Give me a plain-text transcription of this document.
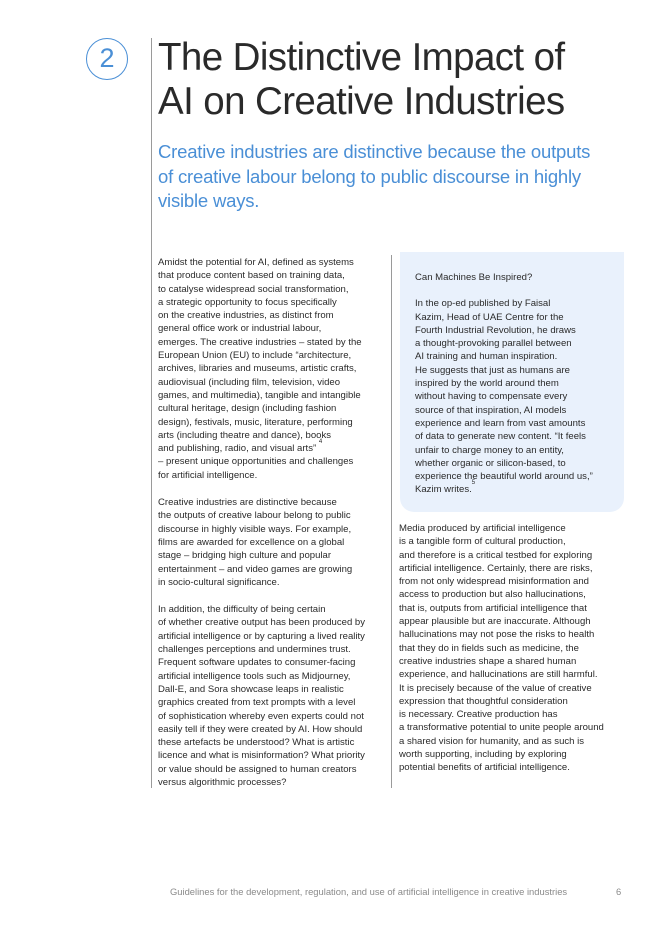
2	The Distinctive Impact of
AI on Creative Industries
Creative industries are distinctive because the outputs
of creative labour belong to public discourse in highly
visible ways.

Amidst the potential for AI, defined as systems
that produce content based on training data,
to catalyse widespread social transformation,
a strategic opportunity to focus specifically
on the creative industries, as distinct from
general office work or industrial labour,
emerges. The creative industries – stated by the
European Union (EU) to include “architecture,
archives, libraries and museums, artistic crafts,
audiovisual (including film, television, video
games, and multimedia), tangible and intangible
cultural heritage, design (including fashion
design), festivals, music, literature, performing
arts (including theatre and dance), books
and publishing, radio, and visual arts” $^4$
– present unique opportunities and challenges
for artificial intelligence.

Creative industries are distinctive because
the outputs of creative labour belong to public
discourse in highly visible ways. For example,
films are awarded for excellence on a global
stage – bridging high culture and popular
entertainment – and video games are growing
in socio-cultural significance.

In addition, the difficulty of being certain
of whether creative output has been produced by
artificial intelligence or by capturing a lived reality
challenges perceptions and undermines trust.
Frequent software updates to consumer-facing
artificial intelligence tools such as Midjourney,
Dall-E, and Sora showcase leaps in realistic
graphics created from text prompts with a level
of sophistication whereby even experts could not
easily tell if they were created by AI. How should
these artefacts be understood? What is artistic
licence and what is misinformation? What priority
or value should be assigned to human creators
versus algorithmic processes?

Can Machines Be Inspired?

In the op-ed published by Faisal
Kazim, Head of UAE Centre for the
Fourth Industrial Revolution, he draws
a thought-provoking parallel between
AI training and human inspiration.
He suggests that just as humans are
inspired by the world around them
without having to compensate every
source of that inspiration, AI models
experience and learn from vast amounts
of data to generate new content. “It feels
unfair to charge money to an entity,
whether organic or silicon-based, to
experience the beautiful world around us,”
Kazim writes.$^5$

Media produced by artificial intelligence
is a tangible form of cultural production,
and therefore is a critical testbed for exploring
artificial intelligence. Certainly, there are risks,
from not only widespread misinformation and
access to production but also hallucinations,
that is, outputs from artificial intelligence that
appear plausible but are inaccurate. Although
hallucinations may not pose the risks to health
that they do in fields such as medicine, the
creative industries shape a shared human
experience, and hallucinations are still harmful.
It is precisely because of the value of creative
expression that thoughtful consideration
is necessary. Creative production has
a transformative potential to unite people around
a shared vision for humanity, and as such is
worth supporting, including by exploring
potential benefits of artificial intelligence.

Guidelines for the development, regulation, and use of artificial intelligence in creative industries	6
